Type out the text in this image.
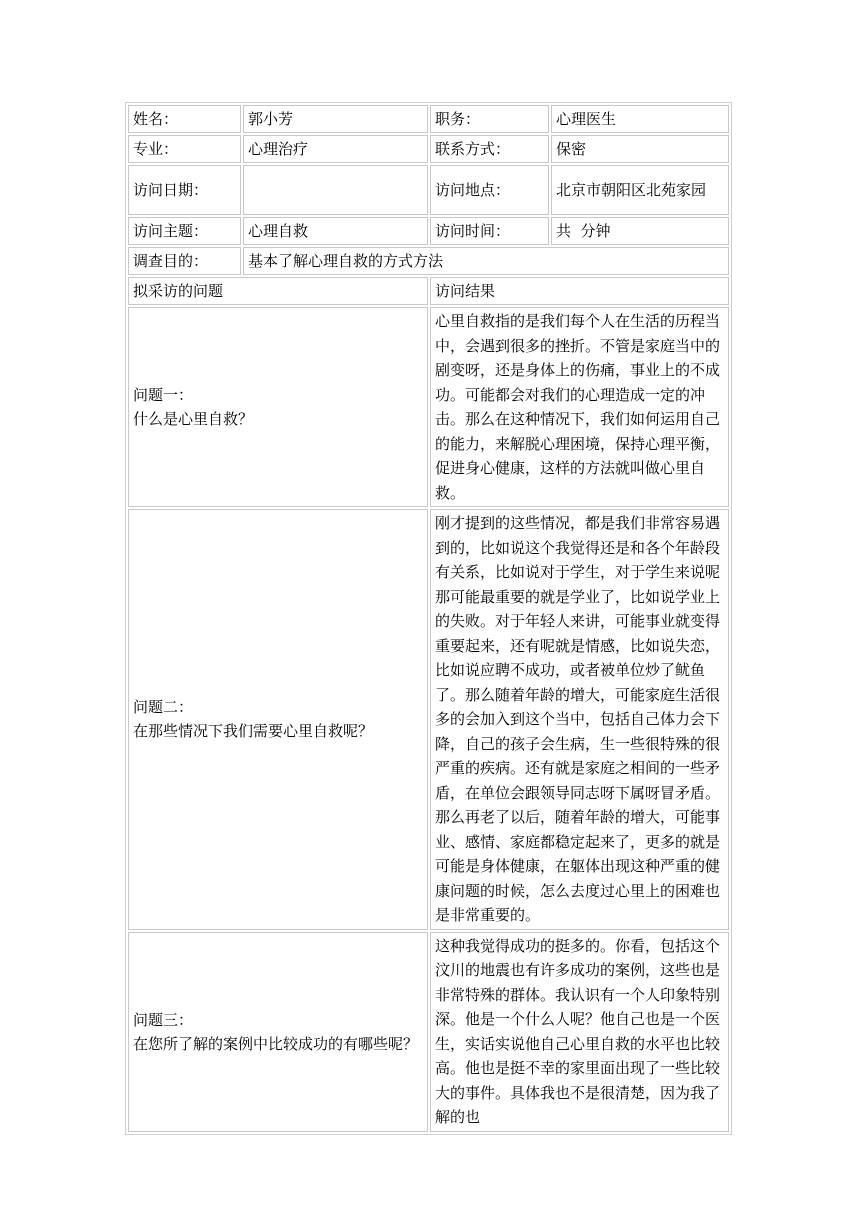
姓名：	郭小芳	职务：	心理医生
专业：	心理治疗	联系方式：	保密
访问日期：		访问地点：	北京市朝阳区北苑家园
访问主题：	心理自救	访问时间：	共  分钟
调查目的：	基本了解心理自救的方式方法		
拟采访的问题		访问结果	

问题一：
什么是心里自救？		心里自救指的是我们每个人在生活的历程当中，会遇到很多的挫折。不管是家庭当中的剧变呀，还是身体上的伤痛，事业上的不成功。可能都会对我们的心理造成一定的冲击。那么在这种情况下，我们如何运用自己的能力，来解脱心理困境，保持心理平衡，促进身心健康，这样的方法就叫做心里自救。	

问题二：
在那些情况下我们需要心里自救呢？		刚才提到的这些情况，都是我们非常容易遇到的，比如说这个我觉得还是和各个年龄段有关系，比如说对于学生，对于学生来说呢那可能最重要的就是学业了，比如说学业上的失败。对于年轻人来讲，可能事业就变得重要起来，还有呢就是情感，比如说失恋，比如说应聘不成功，或者被单位炒了鱿鱼了。那么随着年龄的增大，可能家庭生活很多的会加入到这个当中，包括自己体力会下降，自己的孩子会生病，生一些很特殊的很严重的疾病。还有就是家庭之相间的一些矛盾，在单位会跟领导同志呀下属呀冒矛盾。那么再老了以后，随着年龄的增大，可能事业、感情、家庭都稳定起来了，更多的就是可能是身体健康，在躯体出现这种严重的健康问题的时候，怎么去度过心里上的困难也是非常重要的。	

问题三：
在您所了解的案例中比较成功的有哪些呢？		这种我觉得成功的挺多的。你看，包括这个汶川的地震也有许多成功的案例，这些也是非常特殊的群体。我认识有一个人印象特别深。他是一个什么人呢？他自己也是一个医生，实话实说他自己心里自救的水平也比较高。他也是挺不幸的家里面出现了一些比较大的事件。具体我也不是很清楚，因为我了解的也	
